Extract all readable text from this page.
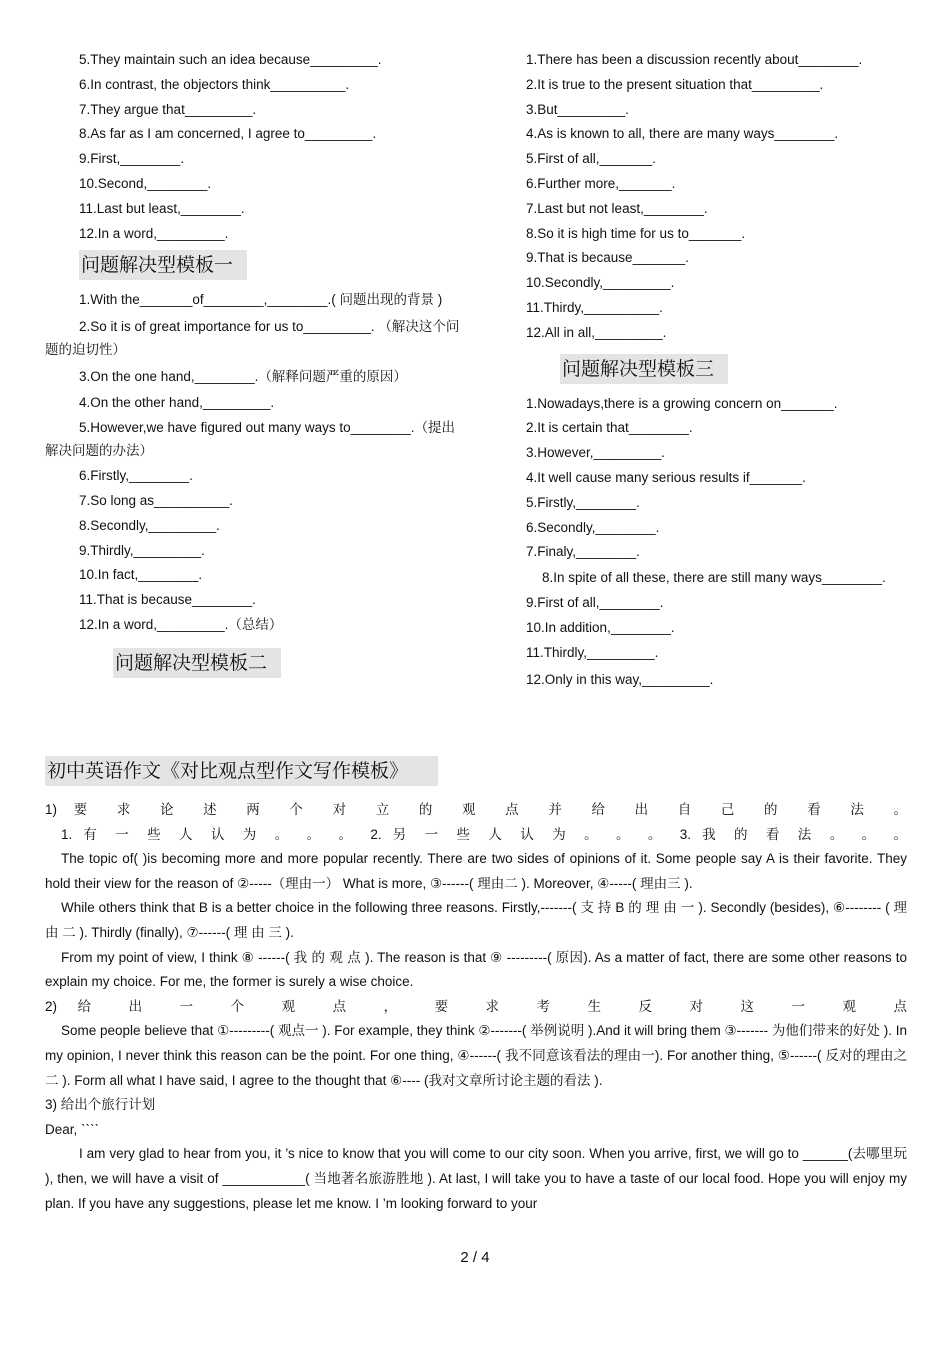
5.They maintain such an idea because_________.
6.In contrast, the objectors think__________.
7.They argue that_________.
8.As far as I am concerned, I agree to_________.
9.First,________.
10.Second,________.
11.Last but least,________.
12.In a word,_________.
问题解决型模板一
1.With the_______of________,________.( 问题出现的背景 )
2.So it is of great importance for us to_________. （解决这个问题的迫切性）
3.On the one hand,________.（解释问题严重的原因）
4.On the other hand,_________.
5.However,we have figured out many ways to________.（提出解决问题的办法）
6.Firstly,________.
7.So long as__________.
8.Secondly,_________.
9.Thirdly,_________.
10.In fact,________.
11.That is because________.
12.In a word,_________.（总结）
问题解决型模板二
1.There has been a discussion recently about________.
2.It is true to the present situation that_________.
3.But_________.
4.As is known to all, there are many ways________.
5.First of all,_______.
6.Further more,_______.
7.Last but not least,________.
8.So it is high time for us to_______.
9.That is because_______.
10.Secondly,_________.
11.Thirdy,__________.
12.All in all,_________.
问题解决型模板三
1.Nowadays,there is a growing concern on_______.
2.It is certain that________.
3.However,_________.
4.It well cause many serious results if_______.
5.Firstly,________.
6.Secondly,________.
7.Finaly,________.
8.In spite of all these, there are still many ways________.
9.First of all,________.
10.In addition,________.
11.Thirdly,_________.
12.Only in this way,_________.
初中英语作文《对比观点型作文写作模板》

1) 要 求 论 述 两 个 对 立 的 观 点 并 给 出 自 己 的 看 法 。

1. 有 一 些 人 认 为 。 。 。 2. 另 一 些 人 认 为 。 。 。 3. 我 的 看 法 。 。 。

The topic of( )is becoming more and more popular recently. There are two sides of opinions of it. Some people say A is their favorite. They hold their view for the reason of ②-----（理由一） What is more, ③------( 理由二 ). Moreover, ④-----( 理由三 ).

While others think that B is a better choice in the following three reasons. Firstly,-------( 支 持 B 的 理 由 一 ). Secondly (besides), ⑥-------- ( 理 由 二 ). Thirdly (finally), ⑦------( 理 由 三 ).

From my point of view, I think ⑧ ------( 我 的 观 点 ). The reason is that ⑨ ---------( 原因). As a matter of fact, there are some other reasons to explain my choice. For me, the former is surely a wise choice.

2) 给 出 一 个 观 点 ， 要 求 考 生 反 对 这 一 观 点

Some people believe that ①---------( 观点一 ). For example, they think ②-------( 举例说明 ).And it will bring them ③------- 为他们带来的好处 ). In my opinion, I never think this reason can be the point. For one thing, ④------( 我不同意该看法的理由一). For another thing, ⑤------( 反对的理由之二 ). Form all what I have said, I agree to the thought that ⑥---- (我对文章所讨论主题的看法 ).

3) 给出个旅行计划

Dear, ˋˋˋˋ

I am very glad to hear from you, it ’s nice to know that you will come to our city soon. When you arrive, first, we will go to ______(去哪里玩 ), then, we will have a visit of ___________( 当地著名旅游胜地 ). At last, I will take you to have a taste of our local food. Hope you will enjoy my plan. If you have any suggestions, please let me know. I ’m looking forward to your

2 / 4
